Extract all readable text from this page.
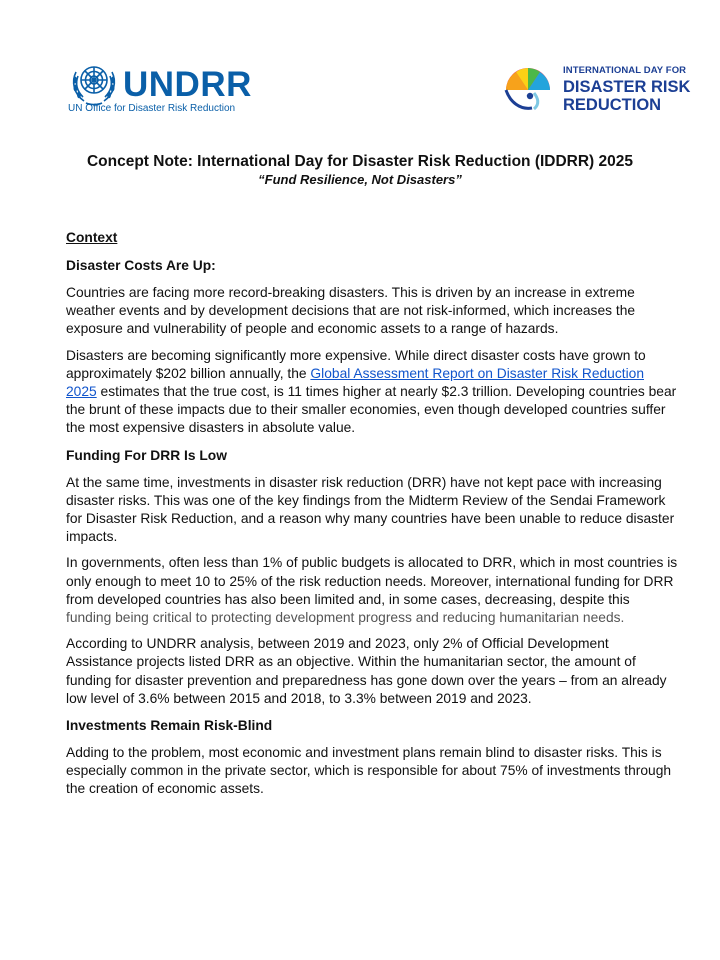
UNDRR
UN Office for Disaster Risk Reduction
INTERNATIONAL DAY FOR
DISASTER RISK
REDUCTION

Concept Note: International Day for Disaster Risk Reduction (IDDRR) 2025

“Fund Resilience, Not Disasters”

Context

Disaster Costs Are Up:

Countries are facing more record-breaking disasters. This is driven by an increase in extreme weather events and by development decisions that are not risk-informed, which increases the exposure and vulnerability of people and economic assets to a range of hazards.

Disasters are becoming significantly more expensive. While direct disaster costs have grown to approximately $202 billion annually, the Global Assessment Report on Disaster Risk Reduction 2025 estimates that the true cost, is 11 times higher at nearly $2.3 trillion. Developing countries bear the brunt of these impacts due to their smaller economies, even though developed countries suffer the most expensive disasters in absolute value.

Funding For DRR Is Low

At the same time, investments in disaster risk reduction (DRR) have not kept pace with increasing disaster risks. This was one of the key findings from the Midterm Review of the Sendai Framework for Disaster Risk Reduction, and a reason why many countries have been unable to reduce disaster impacts.

In governments, often less than 1% of public budgets is allocated to DRR, which in most countries is only enough to meet 10 to 25% of the risk reduction needs. Moreover, international funding for DRR from developed countries has also been limited and, in some cases, decreasing, despite this funding being critical to protecting development progress and reducing humanitarian needs.

According to UNDRR analysis, between 2019 and 2023, only 2% of Official Development Assistance projects listed DRR as an objective. Within the humanitarian sector, the amount of funding for disaster prevention and preparedness has gone down over the years – from an already low level of 3.6% between 2015 and 2018, to 3.3% between 2019 and 2023.

Investments Remain Risk-Blind

Adding to the problem, most economic and investment plans remain blind to disaster risks. This is especially common in the private sector, which is responsible for about 75% of investments through the creation of economic assets.
